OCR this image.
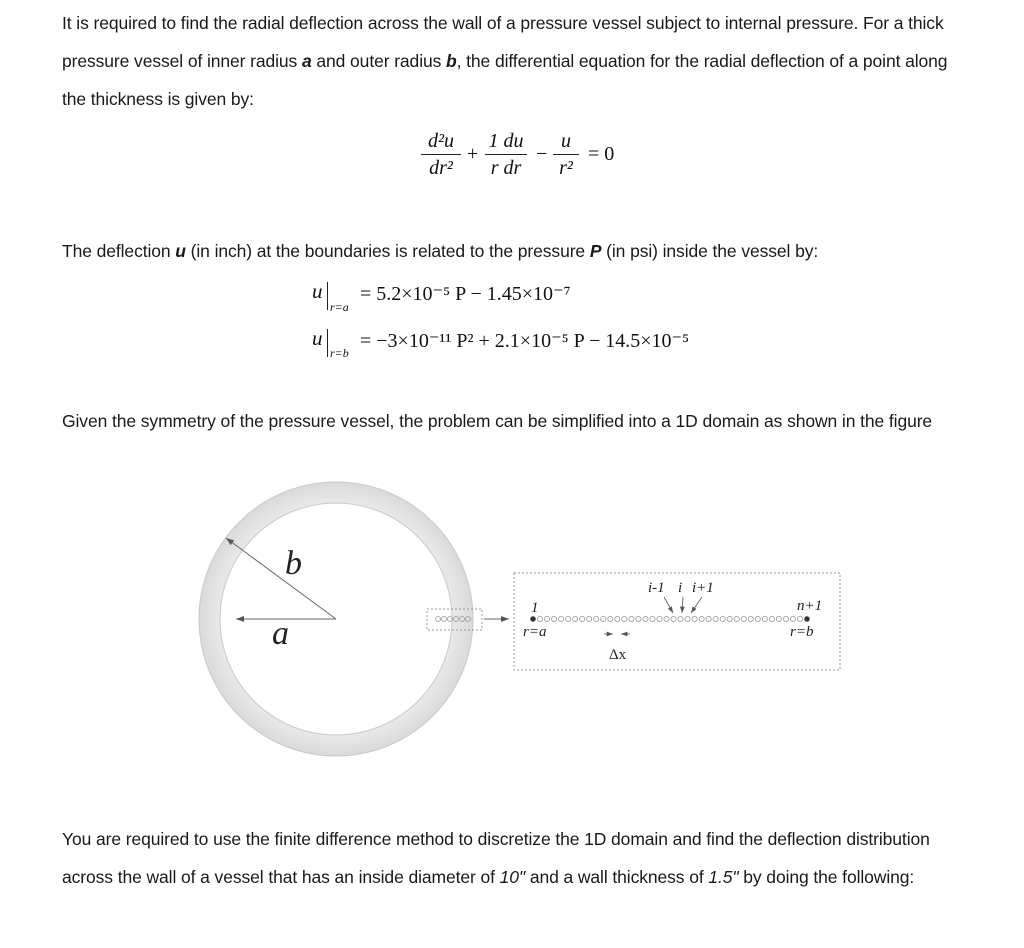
It is required to find the radial deflection across the wall of a pressure vessel subject to internal pressure. For a thick
pressure vessel of inner radius a and outer radius b, the differential equation for the radial deflection of a point along
the thickness is given by:
d²u
dr²
+
1 du
r dr
−
u
r²
= 0
The deflection u (in inch) at the boundaries is related to the pressure P (in psi) inside the vessel by:
u
r=a
= 5.2×10⁻⁵ P − 1.45×10⁻⁷
u
r=b
= −3×10⁻¹¹ P² + 2.1×10⁻⁵ P − 14.5×10⁻⁵
Given the symmetry of the pressure vessel, the problem can be simplified into a 1D domain as shown in the figure
b
a
1	n+1
r=a	r=b
i-1 i i+1
Δx
You are required to use the finite difference method to discretize the 1D domain and find the deflection distribution
across the wall of a vessel that has an inside diameter of 10" and a wall thickness of 1.5" by doing the following:
